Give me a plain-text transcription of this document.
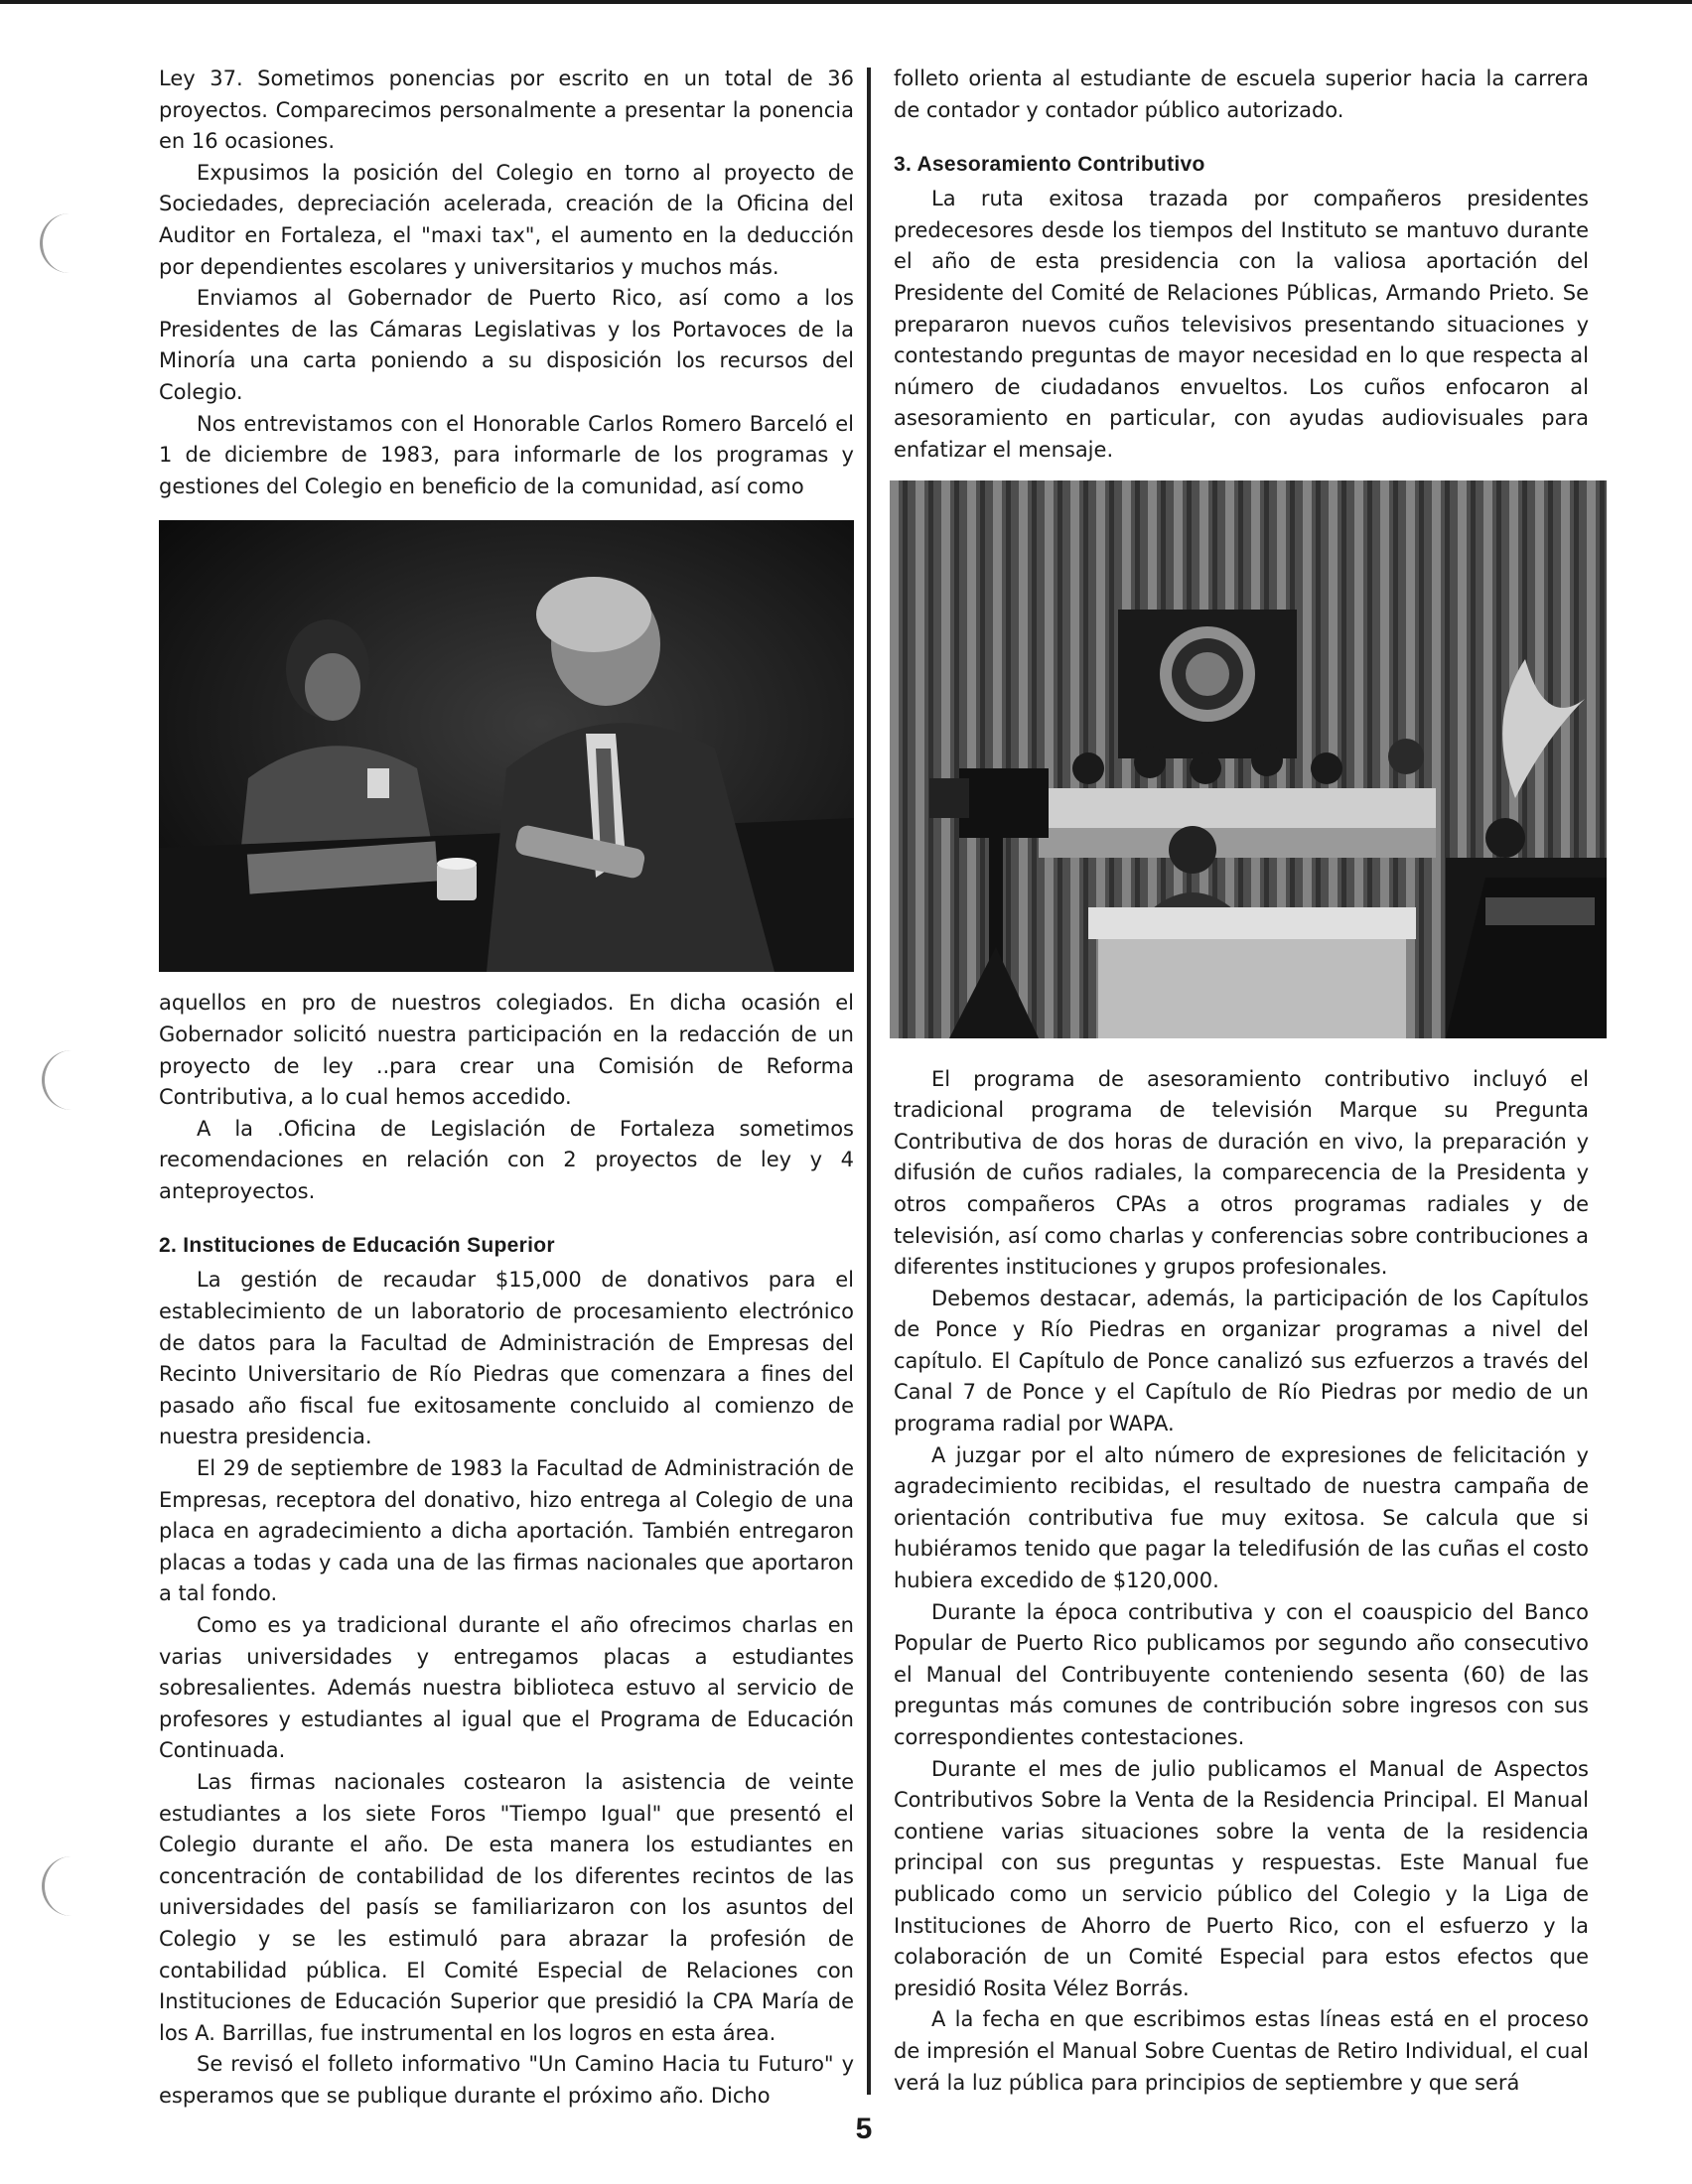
Ley 37. Sometimos ponencias por escrito en un total de 36 proyectos. Comparecimos personalmente a presentar la ponencia en 16 ocasiones.

Expusimos la posición del Colegio en torno al proyecto de Sociedades, depreciación acelerada, creación de la Oficina del Auditor en Fortaleza, el "maxi tax", el aumento en la deducción por dependientes escolares y universitarios y muchos más.

Enviamos al Gobernador de Puerto Rico, así como a los Presidentes de las Cámaras Legislativas y los Portavoces de la Minoría una carta poniendo a su disposición los recursos del Colegio.

Nos entrevistamos con el Honorable Carlos Romero Barceló el 1 de diciembre de 1983, para informarle de los programas y gestiones del Colegio en beneficio de la comunidad, así como

aquellos en pro de nuestros colegiados. En dicha ocasión el Gobernador solicitó nuestra participación en la redacción de un proyecto de ley ..para crear una Comisión de Reforma Contributiva, a lo cual hemos accedido.

A la .Oficina de Legislación de Fortaleza sometimos recomendaciones en relación con 2 proyectos de ley y 4 anteproyectos.

2. Instituciones de Educación Superior

La gestión de recaudar $15,000 de donativos para el establecimiento de un laboratorio de procesamiento electrónico de datos para la Facultad de Administración de Empresas del Recinto Universitario de Río Piedras que comenzara a fines del pasado año fiscal fue exitosamente concluido al comienzo de nuestra presidencia.

El 29 de septiembre de 1983 la Facultad de Administración de Empresas, receptora del donativo, hizo entrega al Colegio de una placa en agradecimiento a dicha aportación. También entregaron placas a todas y cada una de las firmas nacionales que aportaron a tal fondo.

Como es ya tradicional durante el año ofrecimos charlas en varias universidades y entregamos placas a estudiantes sobresalientes. Además nuestra biblioteca estuvo al servicio de profesores y estudiantes al igual que el Programa de Educación Continuada.

Las firmas nacionales costearon la asistencia de veinte estudiantes a los siete Foros "Tiempo Igual" que presentó el Colegio durante el año. De esta manera los estudiantes en concentración de contabilidad de los diferentes recintos de las universidades del pasís se familiarizaron con los asuntos del Colegio y se les estimuló para abrazar la profesión de contabilidad pública. El Comité Especial de Relaciones con Instituciones de Educación Superior que presidió la CPA María de los A. Barrillas, fue instrumental en los logros en esta área.

Se revisó el folleto informativo "Un Camino Hacia tu Futuro" y esperamos que se publique durante el próximo año. Dicho

folleto orienta al estudiante de escuela superior hacia la carrera de contador y contador público autorizado.

3. Asesoramiento Contributivo

La ruta exitosa trazada por compañeros presidentes predecesores desde los tiempos del Instituto se mantuvo durante el año de esta presidencia con la valiosa aportación del Presidente del Comité de Relaciones Públicas, Armando Prieto. Se prepararon nuevos cuños televisivos presentando situaciones y contestando preguntas de mayor necesidad en lo que respecta al número de ciudadanos envueltos. Los cuños enfocaron al asesoramiento en particular, con ayudas audiovisuales para enfatizar el mensaje.

El programa de asesoramiento contributivo incluyó el tradicional programa de televisión Marque su Pregunta Contributiva de dos horas de duración en vivo, la preparación y difusión de cuños radiales, la comparecencia de la Presidenta y otros compañeros CPAs a otros programas radiales y de televisión, así como charlas y conferencias sobre contribuciones a diferentes instituciones y grupos profesionales.

Debemos destacar, además, la participación de los Capítulos de Ponce y Río Piedras en organizar programas a nivel del capítulo. El Capítulo de Ponce canalizó sus ezfuerzos a través del Canal 7 de Ponce y el Capítulo de Río Piedras por medio de un programa radial por WAPA.

A juzgar por el alto número de expresiones de felicitación y agradecimiento recibidas, el resultado de nuestra campaña de orientación contributiva fue muy exitosa. Se calcula que si hubiéramos tenido que pagar la teledifusión de las cuñas el costo hubiera excedido de $120,000.

Durante la época contributiva y con el coauspicio del Banco Popular de Puerto Rico publicamos por segundo año consecutivo el Manual del Contribuyente conteniendo sesenta (60) de las preguntas más comunes de contribución sobre ingresos con sus correspondientes contestaciones.

Durante el mes de julio publicamos el Manual de Aspectos Contributivos Sobre la Venta de la Residencia Principal. El Manual contiene varias situaciones sobre la venta de la residencia principal con sus preguntas y respuestas. Este Manual fue publicado como un servicio público del Colegio y la Liga de Instituciones de Ahorro de Puerto Rico, con el esfuerzo y la colaboración de un Comité Especial para estos efectos que presidió Rosita Vélez Borrás.

A la fecha en que escribimos estas líneas está en el proceso de impresión el Manual Sobre Cuentas de Retiro Individual, el cual verá la luz pública para principios de septiembre y que será

5
